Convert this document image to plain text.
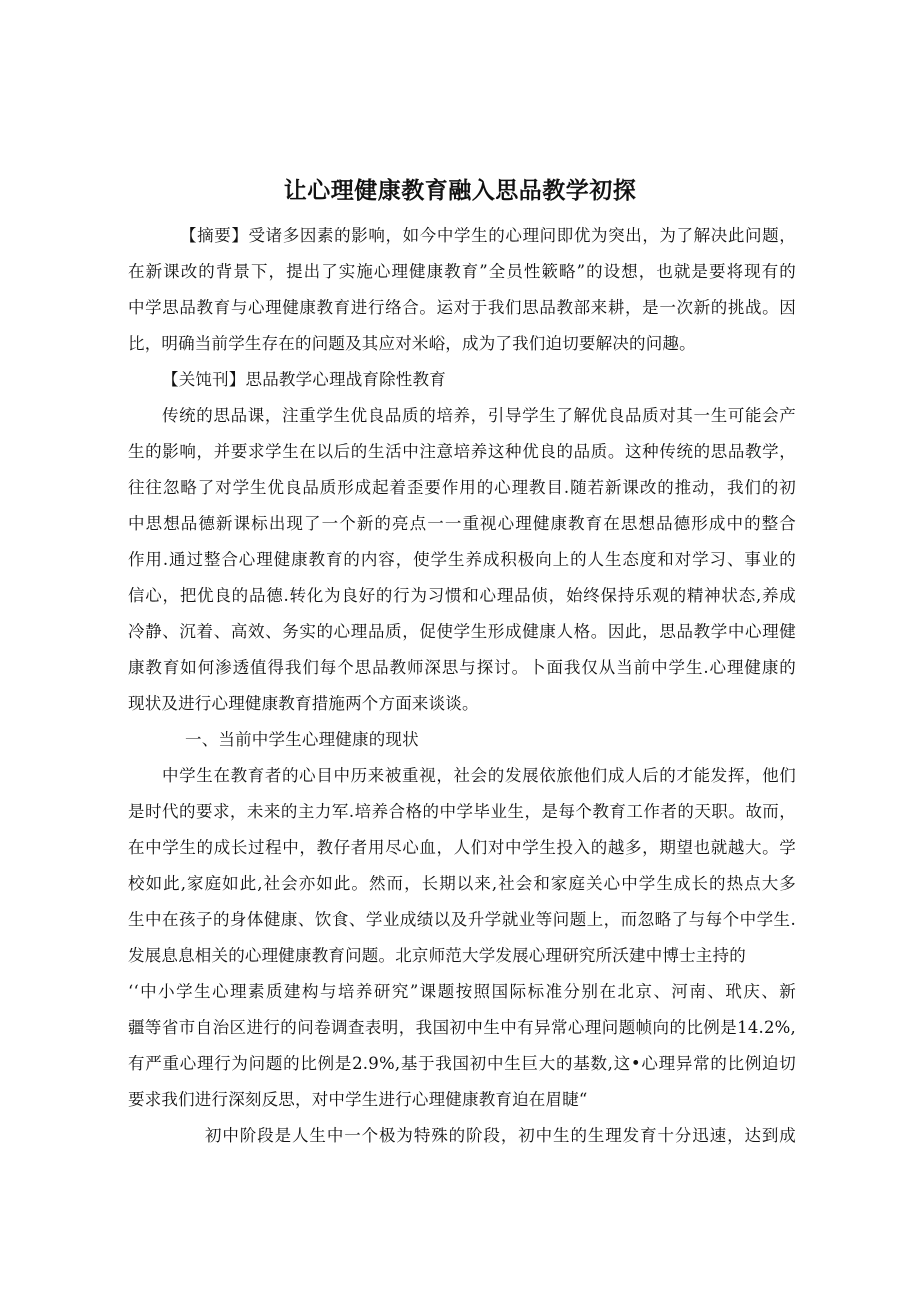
让心理健康教育融入思品教学初探

【摘要】受诸多因素的影响，如今中学生的心理问即优为突出，为了解决此问题，

在新课改的背景下，提出了实施心理健康教育”全员性簌略”的设想，也就是要将现有的

中学思品教育与心理健康教育进行络合。运对于我们思品教部来耕，是一次新的挑战。因

比，明确当前学生存在的问题及其应对米峪，成为了我们迫切要解决的问趣。

【关饨刊】思品教学心理战育除性教育

传统的思品课，注重学生优良品质的培养，引导学生了解优良品质对其一生可能会产

生的影响，并要求学生在以后的生活中注意培养这种优良的品质。这种传统的思品教学，

往往忽略了对学生优良品质形成起着歪要作用的心理教目.随若新课改的推动，我们的初

中思想品德新课标出现了一个新的亮点一一重视心理健康教育在思想品德形成中的整合

作用.通过整合心理健康教育的内容，使学生养成积极向上的人生态度和对学习、事业的

信心，把优良的品德.转化为良好的行为习惯和心理品侦，始终保持乐观的精神状态,养成

冷静、沉着、高效、务实的心理品质，促使学生形成健康人格。因此，思品教学中心理健

康教育如何渗透值得我们每个思品教师深思与探讨。卜面我仅从当前中学生.心理健康的

现状及进行心理健康教育措施两个方面来谈谈。

一、当前中学生心理健康的现状

中学生在教育者的心目中历来被重视，社会的发展依旅他们成人后的才能发挥，他们

是时代的要求，未来的主力军.培养合格的中学毕业生，是每个教育工作者的天职。故而，

在中学生的成长过程中，教仔者用尽心血，人们对中学生投入的越多，期望也就越大。学

校如此,家庭如此,社会亦如此。然而，长期以来,社会和家庭关心中学生成长的热点大多

生中在孩子的身体健康、饮食、学业成绩以及升学就业等问题上，而忽略了与每个中学生.

发展息息相关的心理健康教育问题。北京师范大学发展心理研究所沃建中博士主持的

‘‘中小学生心理素质建构与培养研究”课题按照国际标准分别在北京、河南、玳庆、新

疆等省市自治区进行的问卷调查表明，我国初中生中有异常心理问题帧向的比例是14.2%,

有严重心理行为问题的比例是2.9%,基于我国初中生巨大的基数,这•心理异常的比例迫切

要求我们进行深刻反思，对中学生进行心理健康教育迫在眉睫“

初中阶段是人生中一个极为特殊的阶段，初中生的生理发育十分迅速，达到成
